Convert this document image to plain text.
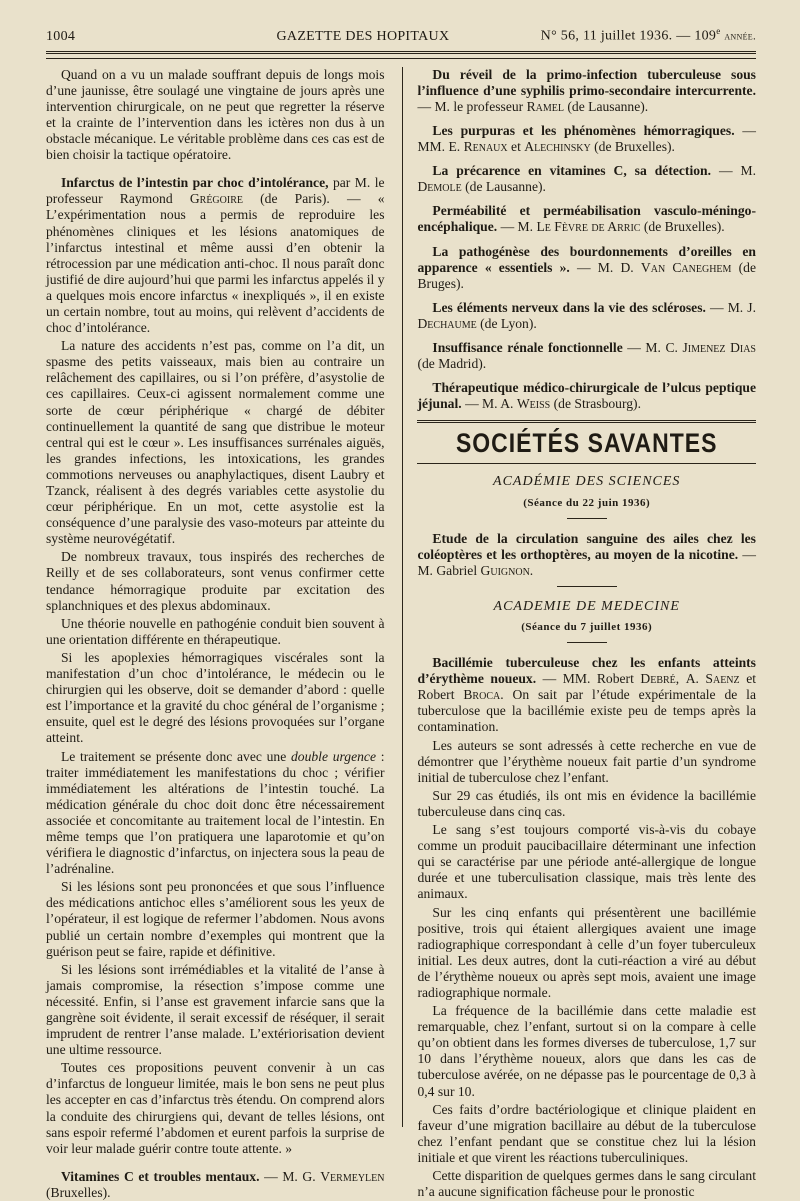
1004	GAZETTE DES HOPITAUX	N° 56, 11 juillet 1936. — 109e année.

Quand on a vu un malade souffrant depuis de longs mois d’une jaunisse, être soulagé une vingtaine de jours après une intervention chirurgicale, on ne peut que regretter la réserve et la crainte de l’intervention dans les ictères non dus à un obstacle mécanique. Le véritable problème dans ces cas est de bien choisir la tactique opératoire.

Infarctus de l’intestin par choc d’intolérance, par M. le professeur Raymond Grégoire (de Paris). — « L’expérimentation nous a permis de reproduire les phénomènes cliniques et les lésions anatomiques de l’infarctus intestinal et même aussi d’en obtenir la rétrocession par une médication anti-choc. Il nous paraît donc justifié de dire aujourd’hui que parmi les infarctus appelés il y a quelques mois encore infarctus « inexpliqués », il en existe un certain nombre, tout au moins, qui relèvent d’accidents de choc d’intolérance.

La nature des accidents n’est pas, comme on l’a dit, un spasme des petits vaisseaux, mais bien au contraire un relâchement des capillaires, ou si l’on préfère, d’asystolie de ces capillaires. Ceux-ci agissent normalement comme une sorte de cœur périphérique « chargé de débiter continuellement la quantité de sang que distribue le moteur central qui est le cœur ». Les insuffisances surrénales aiguës, les grandes infections, les intoxications, les grandes commotions nerveuses ou anaphylactiques, disent Laubry et Tzanck, réalisent à des degrés variables cette asystolie du cœur périphérique. En un mot, cette asystolie est la conséquence d’une paralysie des vaso-moteurs par atteinte du système neurovégétatif.

De nombreux travaux, tous inspirés des recherches de Reilly et de ses collaborateurs, sont venus confirmer cette tendance hémorragique produite par excitation des splanchniques et des plexus abdominaux.

Une théorie nouvelle en pathogénie conduit bien souvent à une orientation différente en thérapeutique.

Si les apoplexies hémorragiques viscérales sont la manifestation d’un choc d’intolérance, le médecin ou le chirurgien qui les observe, doit se demander d’abord : quelle est l’importance et la gravité du choc général de l’organisme ; ensuite, quel est le degré des lésions provoquées sur l’organe atteint.

Le traitement se présente donc avec une double urgence : traiter immédiatement les manifestations du choc ; vérifier immédiatement les altérations de l’intestin touché. La médication générale du choc doit donc être nécessairement associée et concomitante au traitement local de l’intestin. En même temps que l’on pratiquera une laparotomie et qu’on vérifiera le diagnostic d’infarctus, on injectera sous la peau de l’adrénaline.

Si les lésions sont peu prononcées et que sous l’influence des médications antichoc elles s’améliorent sous les yeux de l’opérateur, il est logique de refermer l’abdomen. Nous avons publié un certain nombre d’exemples qui montrent que la guérison peut se faire, rapide et définitive.

Si les lésions sont irrémédiables et la vitalité de l’anse à jamais compromise, la résection s’impose comme une nécessité. Enfin, si l’anse est gravement infarcie sans que la gangrène soit évidente, il serait excessif de réséquer, il serait imprudent de rentrer l’anse malade. L’extériorisation devient une ultime ressource.

Toutes ces propositions peuvent convenir à un cas d’infarctus de longueur limitée, mais le bon sens ne peut plus les accepter en cas d’infarctus très étendu. On comprend alors la conduite des chirurgiens qui, devant de telles lésions, ont sans espoir refermé l’abdomen et eurent parfois la surprise de voir leur malade guérir contre toute attente. »

Vitamines C et troubles mentaux. — M. G. Vermeylen (Bruxelles).

Du réveil de la primo-infection tuberculeuse sous l’influence d’une syphilis primo-secondaire intercurrente. — M. le professeur Ramel (de Lausanne).

Les purpuras et les phénomènes hémorragiques. — MM. E. Renaux et Alechinsky (de Bruxelles).

La précarence en vitamines C, sa détection. — M. Demole (de Lausanne).

Perméabilité et perméabilisation vasculo-méningo-encéphalique. — M. Le Fèvre de Arric (de Bruxelles).

La pathogénèse des bourdonnements d’oreilles en apparence « essentiels ». — M. D. Van Caneghem (de Bruges).

Les éléments nerveux dans la vie des scléroses. — M. J. Dechaume (de Lyon).

Insuffisance rénale fonctionnelle — M. C. Jimenez Dias (de Madrid).

Thérapeutique médico-chirurgicale de l’ulcus peptique jéjunal. — M. A. Weiss (de Strasbourg).

SOCIÉTÉS SAVANTES
ACADÉMIE DES SCIENCES
(Séance du 22 juin 1936)

Etude de la circulation sanguine des ailes chez les coléoptères et les orthoptères, au moyen de la nicotine. — M. Gabriel Guignon.

ACADEMIE DE MEDECINE
(Séance du 7 juillet 1936)

Bacillémie tuberculeuse chez les enfants atteints d’érythème noueux. — MM. Robert Debré, A. Saenz et Robert Broca. On sait par l’étude expérimentale de la tuberculose que la bacillémie existe peu de temps après la contamination.

Les auteurs se sont adressés à cette recherche en vue de démontrer que l’érythème noueux fait partie d’un syndrome initial de tuberculose chez l’enfant.

Sur 29 cas étudiés, ils ont mis en évidence la bacillémie tuberculeuse dans cinq cas.

Le sang s’est toujours comporté vis-à-vis du cobaye comme un produit paucibacillaire déterminant une infection qui se caractérise par une période anté-allergique de longue durée et une tuberculisation classique, mais très lente des animaux.

Sur les cinq enfants qui présentèrent une bacillémie positive, trois qui étaient allergiques avaient une image radiographique correspondant à celle d’un foyer tuberculeux initial. Les deux autres, dont la cuti-réaction a viré au début de l’érythème noueux ou après sept mois, avaient une image radiographique normale.

La fréquence de la bacillémie dans cette maladie est remarquable, chez l’enfant, surtout si on la compare à celle qu’on obtient dans les formes diverses de tuberculose, 1,7 sur 10 dans l’érythème noueux, alors que dans les cas de tuberculose avérée, on ne dépasse pas le pourcentage de 0,3 à 0,4 sur 10.

Ces faits d’ordre bactériologique et clinique plaident en faveur d’une migration bacillaire au début de la tuberculose chez l’enfant pendant que se constitue chez lui la lésion initiale et que virent les réactions tuberculiniques.

Cette disparition de quelques germes dans le sang circulant n’a aucune signification fâcheuse pour le pronostic
